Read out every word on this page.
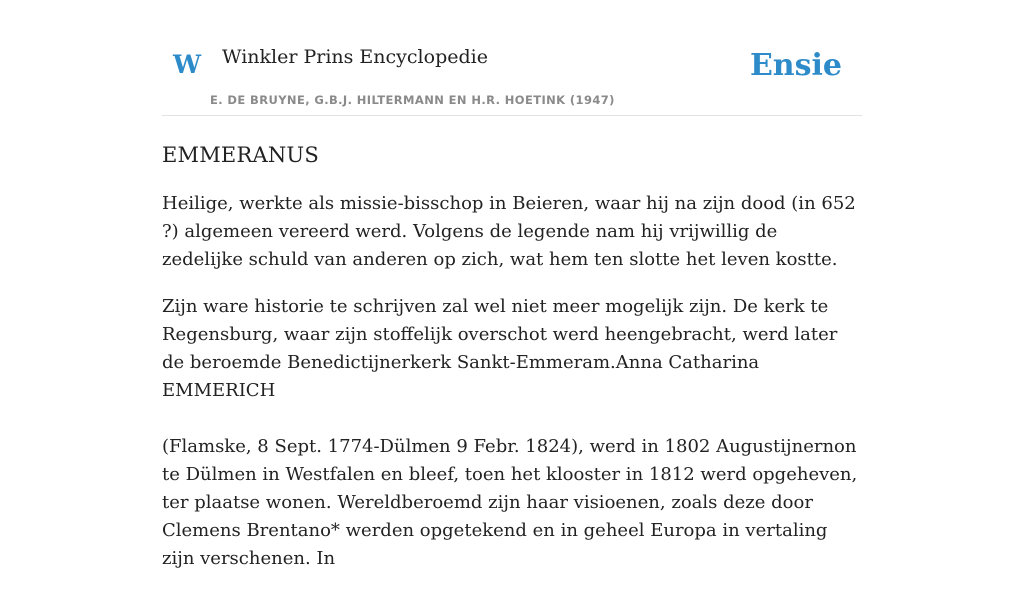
W Winkler Prins Encyclopedie
E. DE BRUYNE, G.B.J. HILTERMANN EN H.R. HOETINK (1947)
Ensie
EMMERANUS

Heilige, werkte als missie-bisschop in Beieren, waar hij na zijn dood (in 652 ?) algemeen vereerd werd. Volgens de legende nam hij vrijwillig de zedelijke schuld van anderen op zich, wat hem ten slotte het leven kostte.

Zijn ware historie te schrijven zal wel niet meer mogelijk zijn. De kerk te Regensburg, waar zijn stoffelijk overschot werd heengebracht, werd later de beroemde Benedictijnerkerk Sankt-Emmeram.Anna Catharina EMMERICH

(Flamske, 8 Sept. 1774-Dülmen 9 Febr. 1824), werd in 1802 Augustijnernon te Dülmen in Westfalen en bleef, toen het klooster in 1812 werd opgeheven, ter plaatse wonen. Wereldberoemd zijn haar visioenen, zoals deze door Clemens Brentano* werden opgetekend en in geheel Europa in vertaling zijn verschenen. In
